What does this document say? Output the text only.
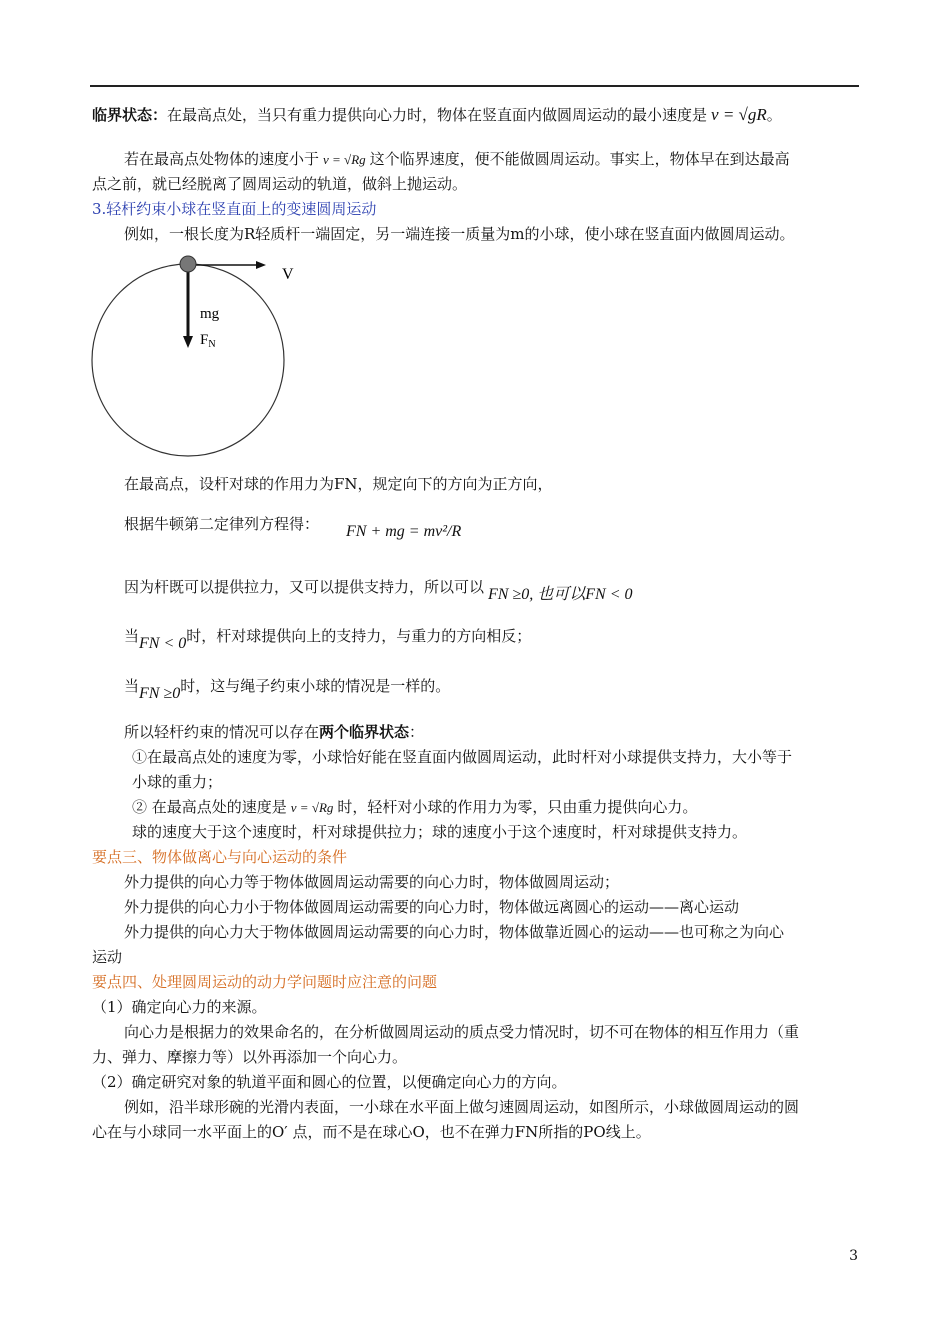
临界状态：在最高点处，当只有重力提供向心力时，物体在竖直面内做圆周运动的最小速度是 v = √gR。
若在最高点处物体的速度小于 v = √Rg 这个临界速度，便不能做圆周运动。事实上，物体早在到达最高
点之前，就已经脱离了圆周运动的轨道，做斜上抛运动。
3.轻杆约束小球在竖直面上的变速圆周运动
例如，一根长度为R轻质杆一端固定，另一端连接一质量为m的小球，使小球在竖直面内做圆周运动。
V
mg
$F_N$
在最高点，设杆对球的作用力为FN，规定向下的方向为正方向，
根据牛顿第二定律列方程得： FN + mg = mv²/R
因为杆既可以提供拉力，又可以提供支持力，所以可以 FN ≥0, 也可以FN < 0
当FN < 0时，杆对球提供向上的支持力，与重力的方向相反；
当FN ≥0时，这与绳子约束小球的情况是一样的。
所以轻杆约束的情况可以存在两个临界状态：
①在最高点处的速度为零，小球恰好能在竖直面内做圆周运动，此时杆对小球提供支持力，大小等于
小球的重力；
② 在最高点处的速度是 v = √Rg 时，轻杆对小球的作用力为零，只由重力提供向心力。
球的速度大于这个速度时，杆对球提供拉力；球的速度小于这个速度时，杆对球提供支持力。
要点三、物体做离心与向心运动的条件
外力提供的向心力等于物体做圆周运动需要的向心力时，物体做圆周运动；
外力提供的向心力小于物体做圆周运动需要的向心力时，物体做远离圆心的运动——离心运动
外力提供的向心力大于物体做圆周运动需要的向心力时，物体做靠近圆心的运动——也可称之为向心
运动
要点四、处理圆周运动的动力学问题时应注意的问题
（1）确定向心力的来源。
向心力是根据力的效果命名的，在分析做圆周运动的质点受力情况时，切不可在物体的相互作用力（重
力、弹力、摩擦力等）以外再添加一个向心力。
（2）确定研究对象的轨道平面和圆心的位置，以便确定向心力的方向。
例如，沿半球形碗的光滑内表面，一小球在水平面上做匀速圆周运动，如图所示，小球做圆周运动的圆
心在与小球同一水平面上的O′ 点，而不是在球心O，也不在弹力FN所指的PO线上。
3
